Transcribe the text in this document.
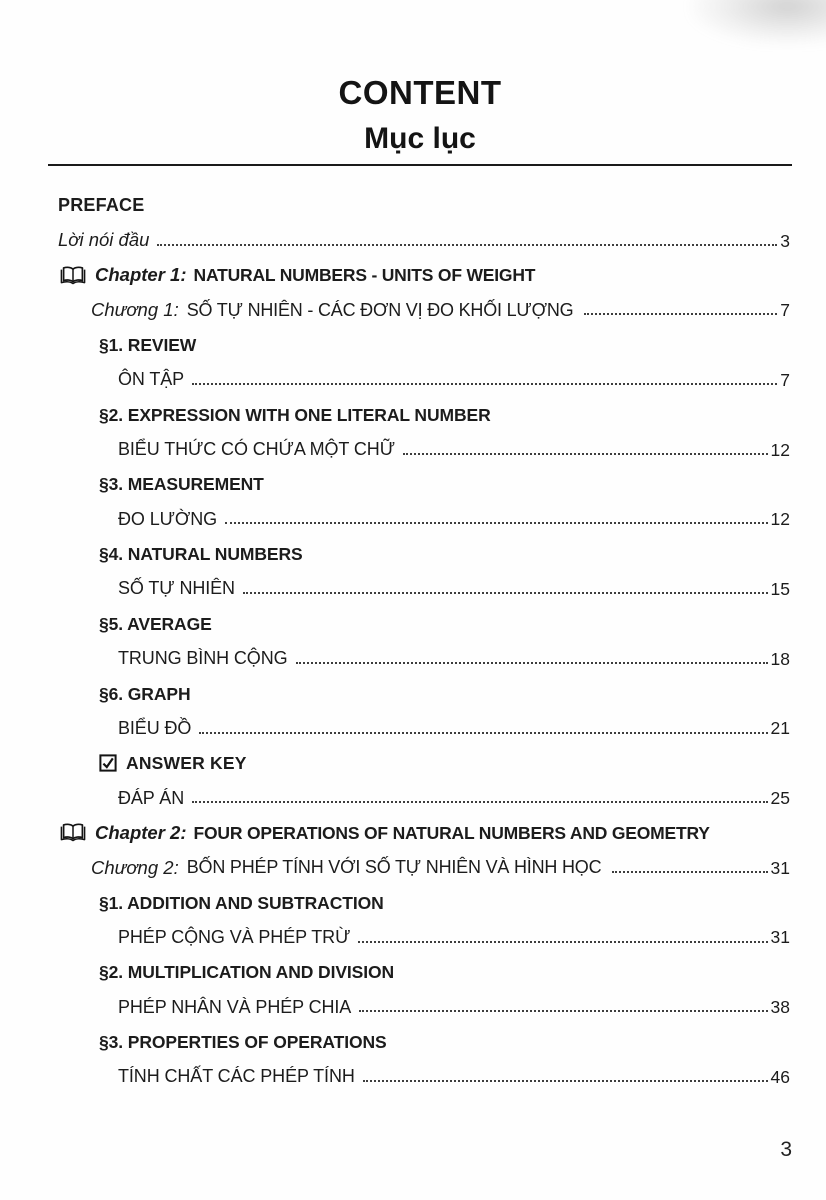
CONTENT
Mục lục
PREFACE
Lời nói đầu	3
Chapter 1: NATURAL NUMBERS - UNITS OF WEIGHT
Chương 1: SỐ TỰ NHIÊN - CÁC ĐƠN VỊ ĐO KHỐI LƯỢNG	7
§1. REVIEW
ÔN TẬP	7
§2. EXPRESSION WITH ONE LITERAL NUMBER
BIỂU THỨC CÓ CHỨA MỘT CHỮ	12
§3. MEASUREMENT
ĐO LƯỜNG	12
§4. NATURAL NUMBERS
SỐ TỰ NHIÊN	15
§5. AVERAGE
TRUNG BÌNH CỘNG	18
§6. GRAPH
BIỂU ĐỒ	21
ANSWER KEY
ĐÁP ÁN	25
Chapter 2: FOUR OPERATIONS OF NATURAL NUMBERS AND GEOMETRY
Chương 2: BỐN PHÉP TÍNH VỚI SỐ TỰ NHIÊN VÀ HÌNH HỌC	31
§1. ADDITION AND SUBTRACTION
PHÉP CỘNG VÀ PHÉP TRỪ	31
§2. MULTIPLICATION AND DIVISION
PHÉP NHÂN VÀ PHÉP CHIA	38
§3. PROPERTIES OF OPERATIONS
TÍNH CHẤT CÁC PHÉP TÍNH	46
3
